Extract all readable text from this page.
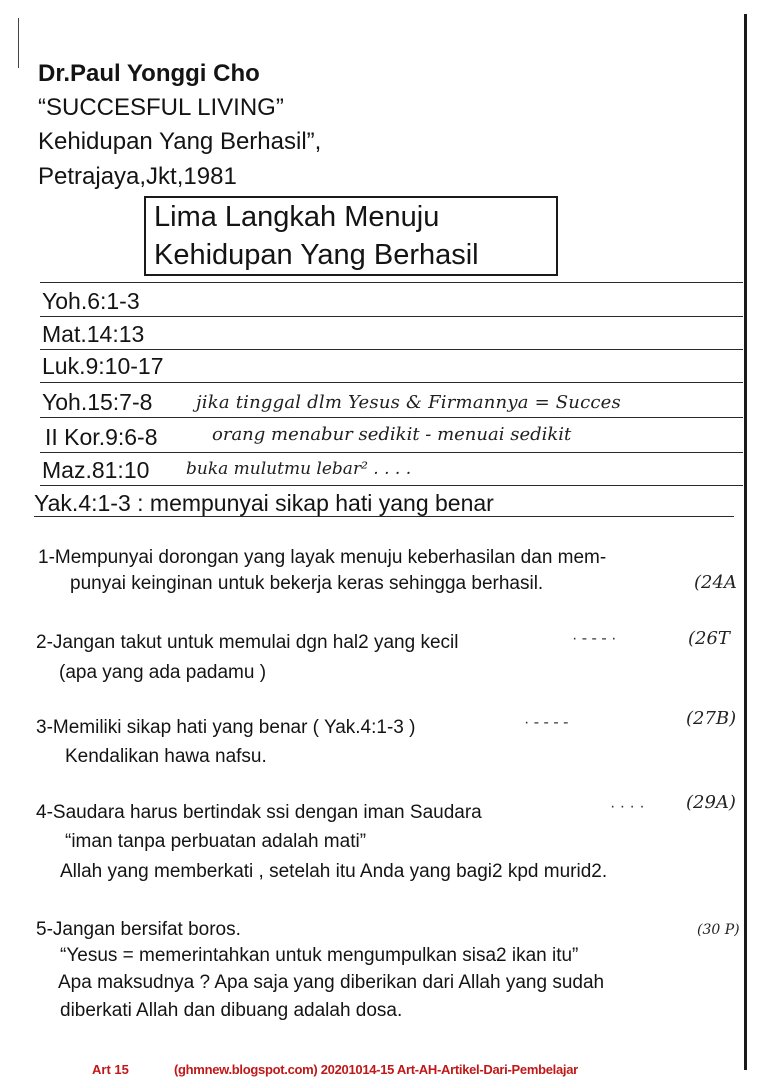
Dr.Paul Yonggi Cho
“SUCCESFUL LIVING”
Kehidupan Yang Berhasil”,
Petrajaya,Jkt,1981
Lima Langkah Menuju
Kehidupan Yang Berhasil
Yoh.6:1-3
Mat.14:13
Luk.9:10-17
Yoh.15:7-8 jika tinggal dlm Yesus & Firmannya = Succes
II Kor.9:6-8	orang menabur sedikit - menuai sedikit
Maz.81:10 buka mulutmu lebar² . . . .
Yak.4:1-3 : mempunyai sikap hati yang benar
1-Mempunyai dorongan yang layak menuju keberhasilan dan mem-
punyai keinginan untuk bekerja keras sehingga berhasil.	(24A
2-Jangan takut untuk memulai dgn hal2 yang kecil	· - - - ·	(26T
(apa yang ada padamu )
3-Memiliki sikap hati yang benar ( Yak.4:1-3 )	· - - - -	(27B)
Kendalikan hawa nafsu.
4-Saudara harus bertindak ssi dengan iman Saudara	· · · · (29A)
“iman tanpa perbuatan adalah mati”
Allah yang memberkati , setelah itu Anda yang bagi2 kpd murid2.
5-Jangan bersifat boros.	(30 P)
“Yesus = memerintahkan untuk mengumpulkan sisa2 ikan itu”
Apa maksudnya ? Apa saja yang diberikan dari Allah yang sudah
diberkati Allah dan dibuang adalah dosa.
Art 15	(ghmnew.blogspot.com) 20201014-15 Art-AH-Artikel-Dari-Pembelajar
